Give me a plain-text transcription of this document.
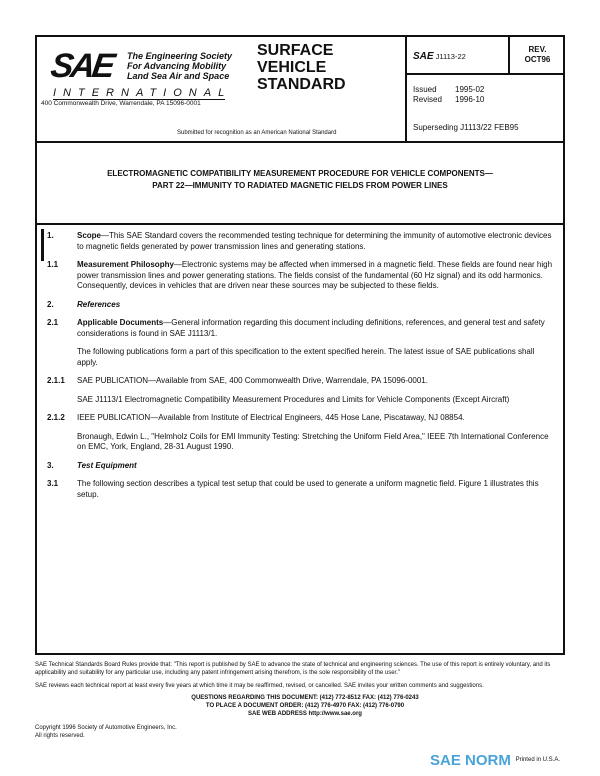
SAE The Engineering Society
For Advancing Mobility
Land Sea Air and Space
INTERNATIONAL
400 Commonwealth Drive, Warrendale, PA 15096-0001
SURFACE
VEHICLE
STANDARD
Submitted for recognition as an American National Standard
SAE J1113-22
REV.
OCT96
Issued 1995-02
Revised 1996-10
Superseding J1113/22 FEB95
ELECTROMAGNETIC COMPATIBILITY MEASUREMENT PROCEDURE FOR VEHICLE COMPONENTS—
PART 22—IMMUNITY TO RADIATED MAGNETIC FIELDS FROM POWER LINES
1.	Scope—This SAE Standard covers the recommended testing technique for determining the immunity of automotive electronic devices to magnetic fields generated by power transmission lines and generating stations.
1.1	Measurement Philosophy—Electronic systems may be affected when immersed in a magnetic field. These fields are found near high power transmission lines and power generating stations. The fields consist of the fundamental (60 Hz signal) and its odd harmonics. Consequently, devices in vehicles that are driven near these sources may be subjected to these fields.
2.	References
2.1	Applicable Documents—General information regarding this document including definitions, references, and general test and safety considerations is found in SAE J1113/1.
The following publications form a part of this specification to the extent specified herein. The latest issue of SAE publications shall apply.
2.1.1	SAE PUBLICATION—Available from SAE, 400 Commonwealth Drive, Warrendale, PA 15096-0001.
SAE J1113/1 Electromagnetic Compatibility Measurement Procedures and Limits for Vehicle Components (Except Aircraft)
2.1.2	IEEE PUBLICATION—Available from Institute of Electrical Engineers, 445 Hose Lane, Piscataway, NJ 08854.
Bronaugh, Edwin L., "Helmholz Coils for EMI Immunity Testing: Stretching the Uniform Field Area," IEEE 7th International Conference on EMC, York, England, 28-31 August 1990.
3.	Test Equipment
3.1	The following section describes a typical test setup that could be used to generate a uniform magnetic field. Figure 1 illustrates this setup.
SAE Technical Standards Board Rules provide that: "This report is published by SAE to advance the state of technical and engineering sciences. The use of this report is entirely voluntary, and its applicability and suitability for any particular use, including any patent infringement arising therefrom, is the sole responsibility of the user."
SAE reviews each technical report at least every five years at which time it may be reaffirmed, revised, or cancelled. SAE invites your written comments and suggestions.
QUESTIONS REGARDING THIS DOCUMENT: (412) 772-8512 FAX: (412) 776-0243
TO PLACE A DOCUMENT ORDER: (412) 776-4970 FAX: (412) 776-0790
SAE WEB ADDRESS http://www.sae.org
Copyright 1996 Society of Automotive Engineers, Inc.
All rights reserved.
Printed in U.S.A.
SAE NORM
